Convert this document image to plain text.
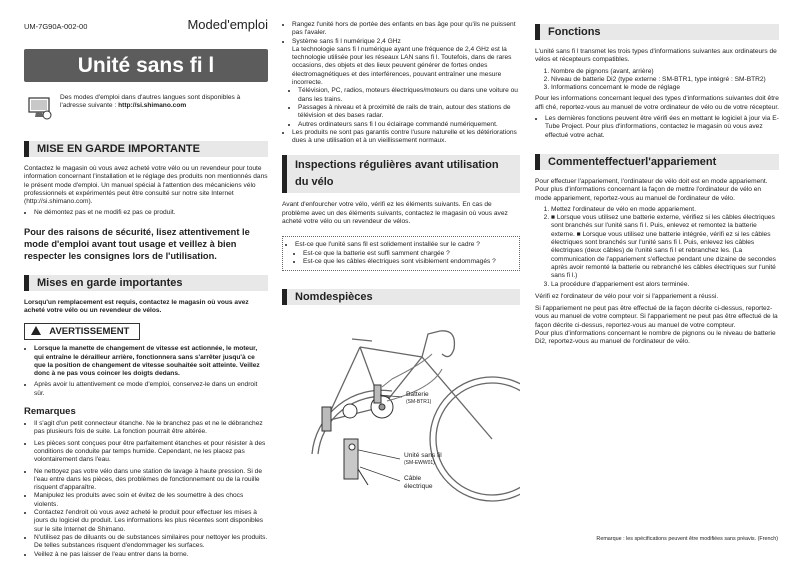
UM-7G90A-002-00	Moded'emploi
Unité sans fi l

Des modes d'emploi dans d'autres langues sont disponibles à l'adresse suivante : http://si.shimano.com

MISE EN GARDE IMPORTANTE

Contactez le magasin où vous avez acheté votre vélo ou un revendeur pour toute information concernant l'installation et le réglage des produits non mentionnés dans le présent mode d'emploi. Un manuel spécial à l'attention des mécaniciens vélo professionnels et expérimentés peut être consulté sur notre site Internet (http://si.shimano.com).

• Ne démontez pas et ne modifi ez pas ce produit.

Pour des raisons de sécurité, lisez attentivement le mode d'emploi avant tout usage et veillez à bien respecter les consignes lors de l'utilisation.

Mises en garde importantes

Lorsqu'un remplacement est requis, contactez le magasin où vous avez acheté votre vélo ou un revendeur de vélos.

AVERTISSEMENT
• Lorsque la manette de changement de vitesse est actionnée, le moteur, qui entraîne le dérailleur arrière, fonctionnera sans s'arrêter jusqu'à ce que la position de changement de vitesse souhaitée soit atteinte. Veillez donc à ne pas vous coincer les doigts dedans.
• Après avoir lu attentivement ce mode d'emploi, conservez-le dans un endroit sûr.
Remarques
• Il s'agit d'un petit connecteur étanche. Ne le branchez pas et ne le débranchez pas plusieurs fois de suite. La fonction pourrait être altérée.
• Les pièces sont conçues pour être parfaitement étanches et pour résister à des conditions de conduite par temps humide. Cependant, ne les placez pas volontairement dans l'eau.
• Ne nettoyez pas votre vélo dans une station de lavage à haute pression. Si de l'eau entre dans les pièces, des problèmes de fonctionnement ou de la rouille risquent d'apparaître.
• Manipulez les produits avec soin et évitez de les soumettre à des chocs violents.
• Contactez l'endroit où vous avez acheté le produit pour effectuer les mises à jours du logiciel du produit. Les informations les plus récentes sont disponibles sur le site Internet de Shimano.
• N'utilisez pas de diluants ou de substances similaires pour nettoyer les produits. De telles substances risquent d'endommager les surfaces.
• Veillez à ne pas laisser de l'eau entrer dans la borne.
• Rangez l'unité hors de portée des enfants en bas âge pour qu'ils ne puissent pas l'avaler.
• Système sans fi l numérique 2,4 GHz

La technologie sans fi l numérique ayant une fréquence de 2,4 GHz est la technologie utilisée pour les réseaux LAN sans fi l. Toutefois, dans de rares occasions, des objets et des lieux peuvent générer de fortes ondes électromagnétiques et des interférences, pouvant entraîner une mesure incorrecte.

• Télévision, PC, radios, moteurs électriques/moteurs ou dans une voiture ou dans les trains.
• Passages à niveau et à proximité de rails de train, autour des stations de télévision et des bases radar.
• Autres ordinateurs sans fi l ou éclairage commandé numériquement.
• Les produits ne sont pas garantis contre l'usure naturelle et les détériorations dues à une utilisation et à un vieillissement normaux.
Inspections régulières avant utilisation du vélo

Avant d'enfourcher votre vélo, vérifi ez les éléments suivants. En cas de problème avec un des éléments suivants, contactez le magasin où vous avez acheté votre vélo ou un revendeur de vélos.

• Est-ce que l'unité sans fil est solidement installée sur le cadre ?
• Est-ce que la batterie est suffi samment chargée ?
• Est-ce que les câbles électriques sont visiblement endommagés ?
Nomdespièces
Batterie
(SM-BTR1)
Unité sans fil
(SM-EWW01)
Câble
électrique
Fonctions

L'unité sans fi l transmet les trois types d'informations suivantes aux ordinateurs de vélos et récepteurs compatibles.

1. Nombre de pignons (avant, arrière)
2. Niveau de batterie Di2 (type externe : SM-BTR1, type intégré : SM-BTR2)
3. Informations concernant le mode de réglage

Pour les informations concernant lequel des types d'informations suivantes doit être affi ché, reportez-vous au manuel de votre ordinateur de vélo ou de votre récepteur.

• Les dernières fonctions peuvent être vérifi ées en mettant le logiciel à jour via E-Tube Project. Pour plus d'informations, contactez le magasin où vous avez effectué votre achat.
Commenteffectuerl'appariement

Pour effectuer l'appariement, l'ordinateur de vélo doit est en mode appariement. Pour plus d'informations concernant la façon de mettre l'ordinateur de vélo en mode appariement, reportez-vous au manuel de l'ordinateur de vélo.

1. Mettez l'ordinateur de vélo en mode appariement.
2. ■ Lorsque vous utilisez une batterie externe, vérifiez si les câbles électriques sont branchés sur l'unité sans fi l. Puis, enlevez et remontez la batterie externe. ■ Lorsque vous utilisez une batterie intégrée, vérifi ez si les câbles électriques sont branchés sur l'unité sans fi l. Puis, enlevez les câbles électriques (deux câbles) de l'unité sans fi l et rebranchez les. (La communication de l'appariement s'effectue pendant une dizaine de secondes après avoir remonté la batterie ou rebranché les câbles électriques sur l'unité sans fi l.)
3. La procédure d'appariement est alors terminée.

Vérifi ez l'ordinateur de vélo pour voir si l'appariement a réussi.

Si l'appariement ne peut pas être effectué de la façon décrite ci-dessus, reportez-vous au manuel de votre compteur. Si l'appariement ne peut pas être effectué de la façon décrite ci-dessus, reportez-vous au manuel de votre compteur.

Pour plus d'informations concernant le nombre de pignons ou le niveau de batterie Di2, reportez-vous au manuel de l'ordinateur de vélo.

Remarque : les spécifications peuvent être modifiées sans préavis. (French)
